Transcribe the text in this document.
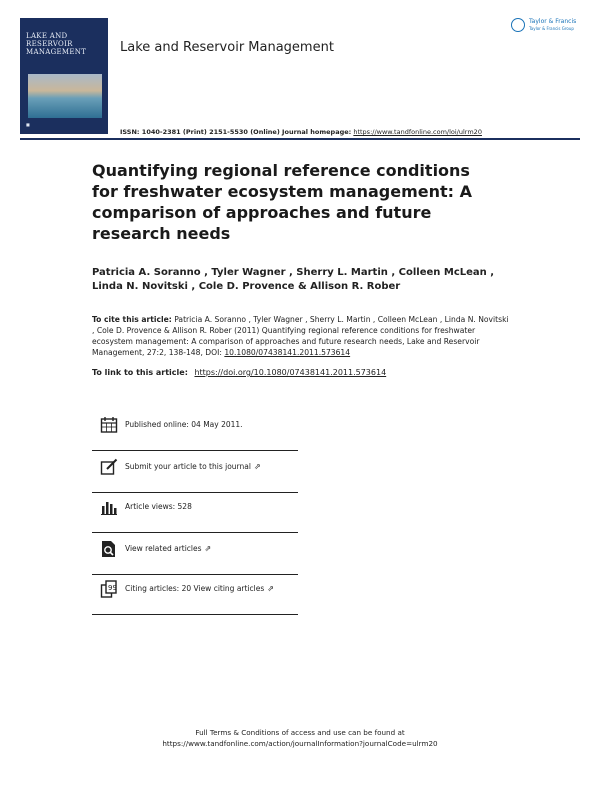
LAKE AND RESERVOIR
MANAGEMENT
■
Lake and Reservoir Management
Taylor & Francis
Taylor & Francis Group
ISSN: 1040-2381 (Print) 2151-5530 (Online) Journal homepage: https://www.tandfonline.com/loi/ulrm20
Quantifying regional reference conditions for freshwater ecosystem management: A comparison of approaches and future research needs
Patricia A. Soranno , Tyler Wagner , Sherry L. Martin , Colleen McLean , Linda N. Novitski , Cole D. Provence & Allison R. Rober
To cite this article: Patricia A. Soranno , Tyler Wagner , Sherry L. Martin , Colleen McLean , Linda N. Novitski , Cole D. Provence & Allison R. Rober (2011) Quantifying regional reference conditions for freshwater ecosystem management: A comparison of approaches and future research needs, Lake and Reservoir Management, 27:2, 138-148, DOI: 10.1080/07438141.2011.573614
To link to this article: https://doi.org/10.1080/07438141.2011.573614
Published online: 04 May 2011.
Submit your article to this journal ⇗
Article views: 528
View related articles ⇗
99 Citing articles: 20 View citing articles ⇗
Full Terms & Conditions of access and use can be found at
https://www.tandfonline.com/action/journalInformation?journalCode=ulrm20
